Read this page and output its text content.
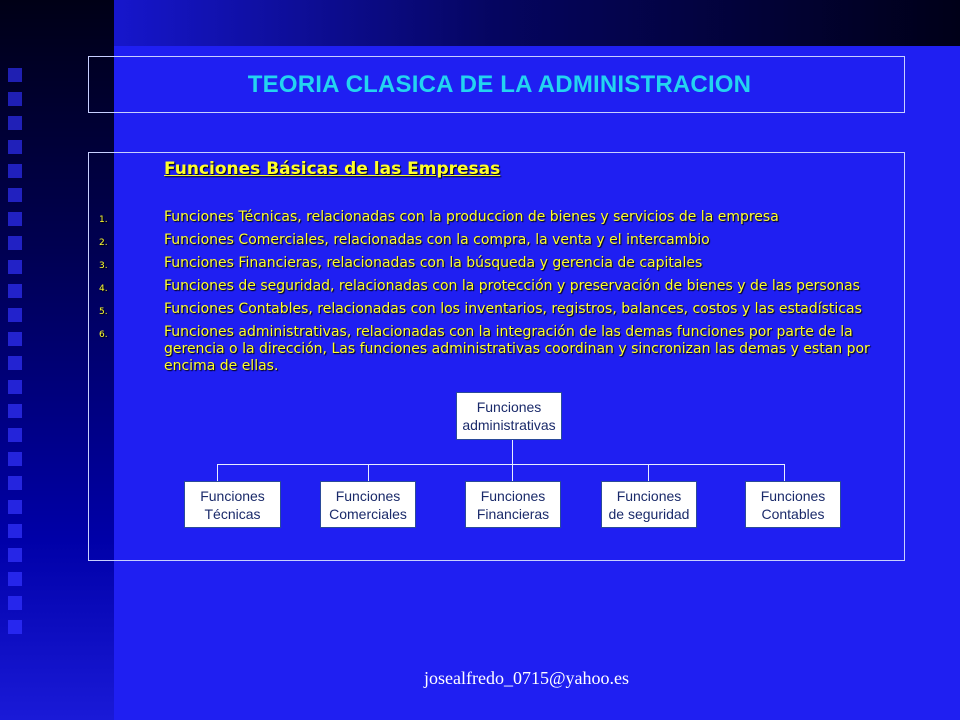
TEORIA CLASICA DE LA ADMINISTRACION

Funciones Básicas de las Empresas

1.	Funciones Técnicas, relacionadas con la produccion de bienes y servicios de la empresa
2.	Funciones Comerciales, relacionadas con la compra, la venta y el intercambio
3.	Funciones Financieras, relacionadas con la búsqueda y gerencia de capitales
4.	Funciones de seguridad, relacionadas con la protección y preservación de bienes y de las personas
5.	Funciones Contables, relacionadas con los inventarios, registros, balances, costos y las estadísticas
6.	Funciones administrativas, relacionadas con la integración de las demas funciones por parte de la gerencia o la dirección, Las funciones administrativas coordinan y sincronizan las demas y estan por encima de ellas.
Funciones
administrativas
Funciones
Técnicas
Funciones
Comerciales
Funciones
Financieras
Funciones
de seguridad
Funciones
Contables
josealfredo_0715@yahoo.es
